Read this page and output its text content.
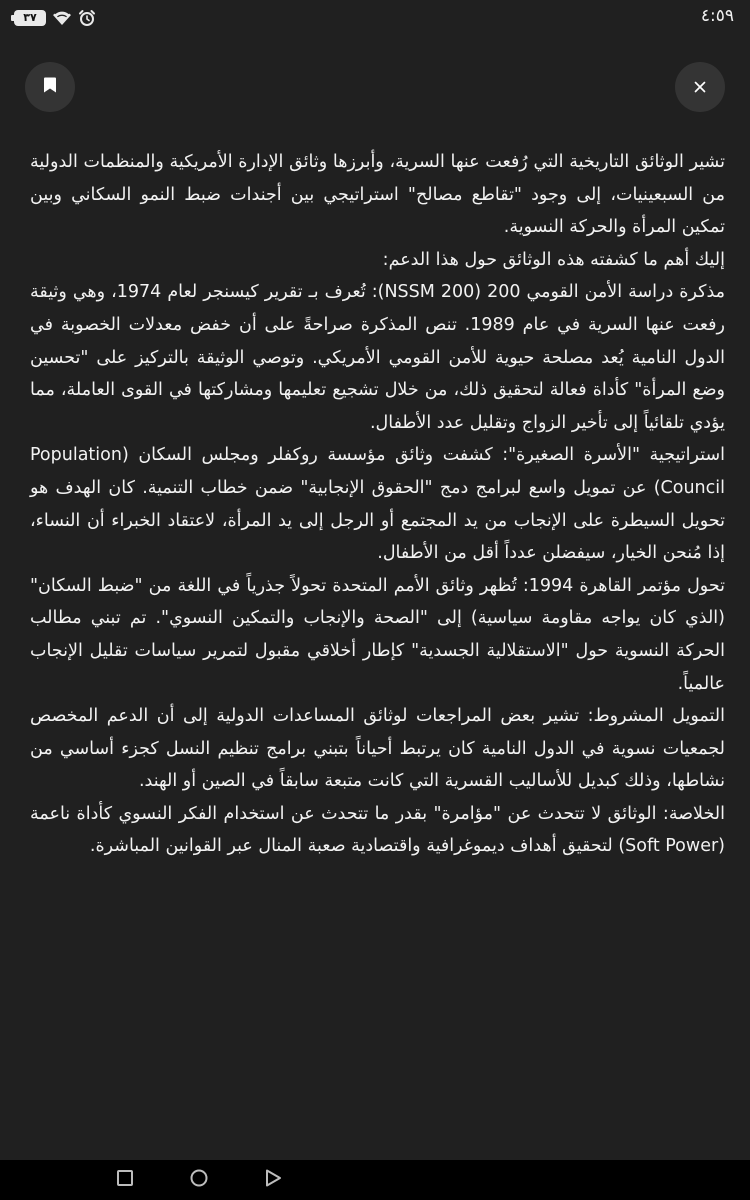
٣٧	٤:٥٩

تشير الوثائق التاريخية التي رُفعت عنها السرية، وأبرزها وثائق الإدارة الأمريكية والمنظمات الدولية من السبعينيات، إلى وجود "تقاطع مصالح" استراتيجي بين أجندات ضبط النمو السكاني وبين تمكين المرأة والحركة النسوية.

إليك أهم ما كشفته هذه الوثائق حول هذا الدعم:

مذكرة دراسة الأمن القومي 200 (NSSM 200): تُعرف بـ تقرير كيسنجر لعام 1974، وهي وثيقة رفعت عنها السرية في عام 1989. تنص المذكرة صراحةً على أن خفض معدلات الخصوبة في الدول النامية يُعد مصلحة حيوية للأمن القومي الأمريكي. وتوصي الوثيقة بالتركيز على "تحسين وضع المرأة" كأداة فعالة لتحقيق ذلك، من خلال تشجيع تعليمها ومشاركتها في القوى العاملة، مما يؤدي تلقائياً إلى تأخير الزواج وتقليل عدد الأطفال.

استراتيجية "الأسرة الصغيرة": كشفت وثائق مؤسسة روكفلر ومجلس السكان (Population Council) عن تمويل واسع لبرامج دمج "الحقوق الإنجابية" ضمن خطاب التنمية. كان الهدف هو تحويل السيطرة على الإنجاب من يد المجتمع أو الرجل إلى يد المرأة، لاعتقاد الخبراء أن النساء، إذا مُنحن الخيار، سيفضلن عدداً أقل من الأطفال.

تحول مؤتمر القاهرة 1994: تُظهر وثائق الأمم المتحدة تحولاً جذرياً في اللغة من "ضبط السكان" (الذي كان يواجه مقاومة سياسية) إلى "الصحة والإنجاب والتمكين النسوي". تم تبني مطالب الحركة النسوية حول "الاستقلالية الجسدية" كإطار أخلاقي مقبول لتمرير سياسات تقليل الإنجاب عالمياً.

التمويل المشروط: تشير بعض المراجعات لوثائق المساعدات الدولية إلى أن الدعم المخصص لجمعيات نسوية في الدول النامية كان يرتبط أحياناً بتبني برامج تنظيم النسل كجزء أساسي من نشاطها، وذلك كبديل للأساليب القسرية التي كانت متبعة سابقاً في الصين أو الهند.

الخلاصة: الوثائق لا تتحدث عن "مؤامرة" بقدر ما تتحدث عن استخدام الفكر النسوي كأداة ناعمة (Soft Power) لتحقيق أهداف ديموغرافية واقتصادية صعبة المنال عبر القوانين المباشرة.
